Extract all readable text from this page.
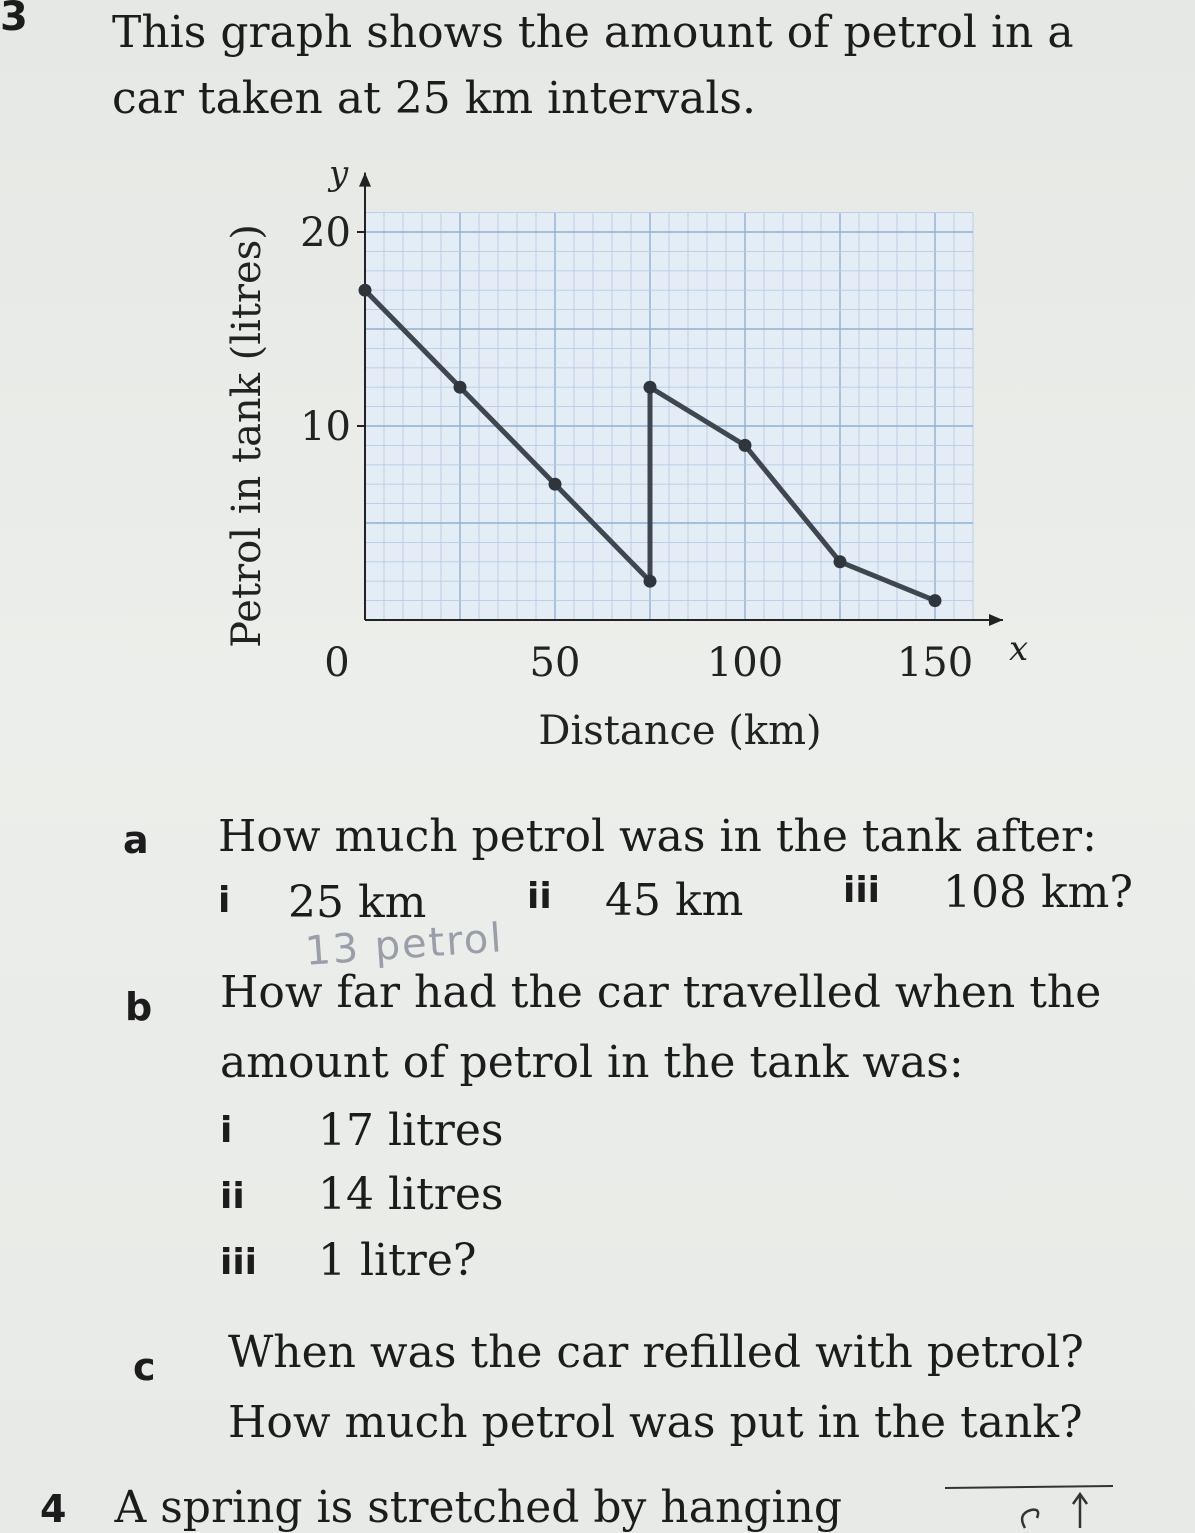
3 This graph shows the amount of petrol in a car taken at 25 km intervals.
10
20
0	50	100	150 x
y
Distance (km)
Petrol in tank (litres)
a How much petrol was in the tank after:
i 25 km	ii 45 km	iii 108 km?
13 petrol
b How far had the car travelled when the
amount of petrol in the tank was:
i 17 litres
ii 14 litres
iii 1 litre?
c When was the car refilled with petrol?
How much petrol was put in the tank?
4 A spring is stretched by hanging
